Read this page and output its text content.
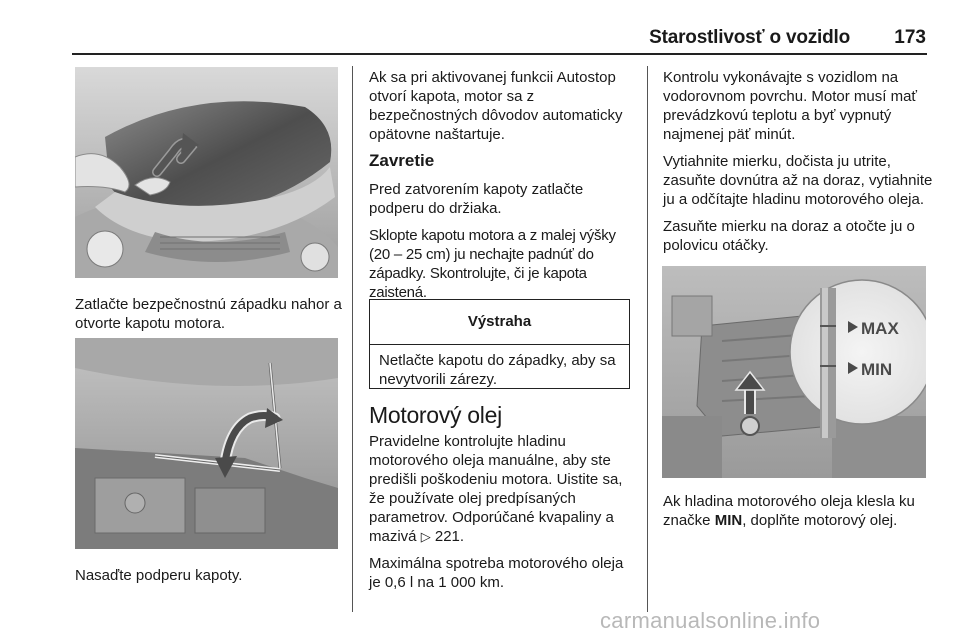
Starostlivosť o vozidlo	173
Zatlačte bezpečnostnú západku nahor a otvorte kapotu motora.
Nasaďte podperu kapoty.
Ak sa pri aktivovanej funkcii Autostop otvorí kapota, motor sa z bezpečnostných dôvodov automaticky opätovne naštartuje.
Zavretie

Pred zatvorením kapoty zatlačte podperu do držiaka.

Sklopte kapotu motora a z malej výšky (20 – 25 cm) ju nechajte padnúť do západky. Skontrolujte, či je kapota zaistená.

Výstraha
Netlačte kapotu do západky, aby sa nevytvorili zárezy.
Motorový olej

Pravidelne kontrolujte hladinu motorového oleja manuálne, aby ste predišli poškodeniu motora. Uistite sa, že používate olej predpísaných parametrov. Odporúčané kvapaliny a mazivá ▷ 221.

Maximálna spotreba motorového oleja je 0,6 l na 1 000 km.

Kontrolu vykonávajte s vozidlom na vodorovnom povrchu. Motor musí mať prevádzkovú teplotu a byť vypnutý najmenej päť minút.

Vytiahnite mierku, dočista ju utrite, zasuňte dovnútra až na doraz, vytiahnite ju a odčítajte hladinu motorového oleja.

Zasuňte mierku na doraz a otočte ju o polovicu otáčky.

MAX
MIN
Ak hladina motorového oleja klesla ku značke MIN, doplňte motorový olej.
carmanualsonline.info
